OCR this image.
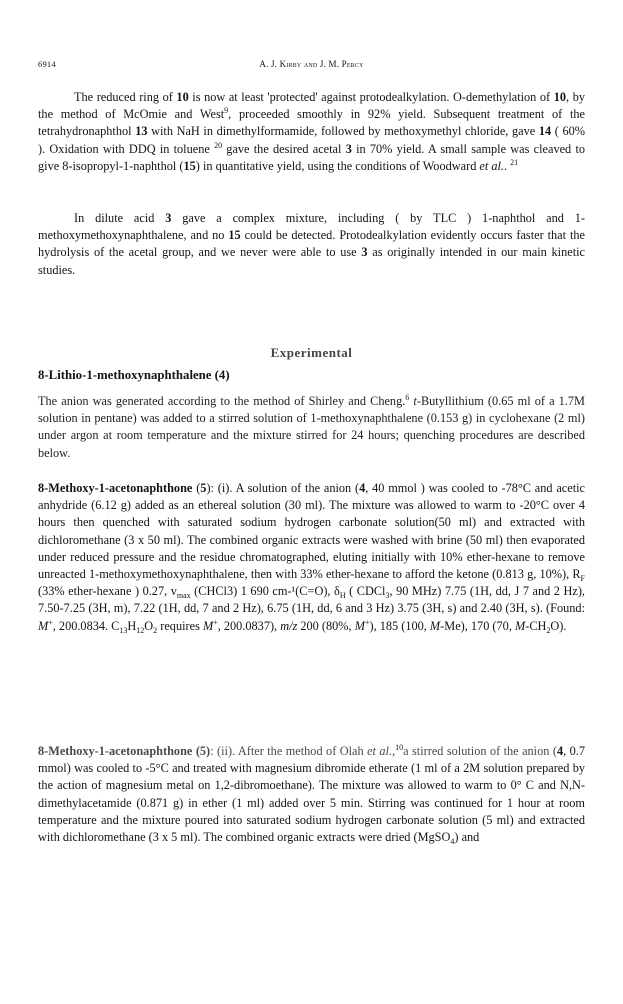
6914	A. J. Kirby and J. M. Percy

The reduced ring of 10 is now at least 'protected' against protodealkylation. O-demethylation of 10, by the method of McOmie and West$^9$, proceeded smoothly in 92% yield. Subsequent treatment of the tetrahydronaphthol 13 with NaH in dimethylformamide, followed by methoxymethyl chloride, gave 14 ( 60% ). Oxidation with DDQ in toluene $^{20}$ gave the desired acetal 3 in 70% yield. A small sample was cleaved to give 8-isopropyl-1-naphthol (15) in quantitative yield, using the conditions of Woodward et al.. $^{21}$

In dilute acid 3 gave a complex mixture, including ( by TLC ) 1-naphthol and 1-methoxymethoxynaphthalene, and no 15 could be detected. Protodealkylation evidently occurs faster that the hydrolysis of the acetal group, and we never were able to use 3 as originally intended in our main kinetic studies.

Experimental
8-Lithio-1-methoxynaphthalene (4)

The anion was generated according to the method of Shirley and Cheng.$^6$ t-Butyllithium (0.65 ml of a 1.7M solution in pentane) was added to a stirred solution of 1-methoxynaphthalene (0.153 g) in cyclohexane (2 ml) under argon at room temperature and the mixture stirred for 24 hours; quenching procedures are described below.

8-Methoxy-1-acetonaphthone (5): (i). A solution of the anion (4, 40 mmol ) was cooled to -78°C and acetic anhydride (6.12 g) added as an ethereal solution (30 ml). The mixture was allowed to warm to -20°C over 4 hours then quenched with saturated sodium hydrogen carbonate solution(50 ml) and extracted with dichloromethane (3 x 50 ml). The combined organic extracts were washed with brine (50 ml) then evaporated under reduced pressure and the residue chromatographed, eluting initially with 10% ether-hexane to remove unreacted 1-methoxymethoxynaphthalene, then with 33% ether-hexane to afford the ketone (0.813 g, 10%), $R_F$ (33% ether-hexane ) 0.27, $v_{max}$ (CHCl3) 1 690 cm-¹(C=O), $\delta_H$ ( CDCl$_3$, 90 MHz) 7.75 (1H, dd, J 7 and 2 Hz), 7.50-7.25 (3H, m), 7.22 (1H, dd, 7 and 2 Hz), 6.75 (1H, dd, 6 and 3 Hz) 3.75 (3H, s) and 2.40 (3H, s). (Found: M+, 200.0834. $C_{13}H_{12}O_2$ requires M+, 200.0837), m/z 200 (80%, M+), 185 (100, M-Me), 170 (70, $M-CH_2O$).

8-Methoxy-1-acetonaphthone (5): (ii). After the method of Olah et al.,$^{10}$a stirred solution of the anion (4, 0.7 mmol) was cooled to -5°C and treated with magnesium dibromide etherate (1 ml of a 2M solution prepared by the action of magnesium metal on 1,2-dibromoethane). The mixture was allowed to warm to 0° C and N,N-dimethylacetamide (0.871 g) in ether (1 ml) added over 5 min. Stirring was continued for 1 hour at room temperature and the mixture poured into saturated sodium hydrogen carbonate solution (5 ml) and extracted with dichloromethane (3 x 5 ml). The combined organic extracts were dried (MgSO$_4$) and
